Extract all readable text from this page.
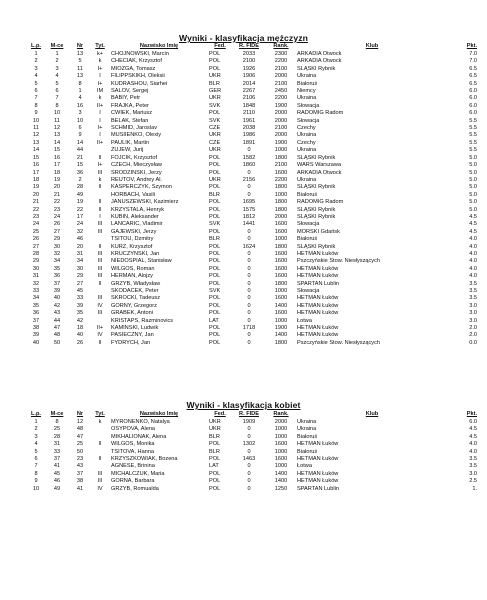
Wyniki - klasyfikacja mężczyzn
L.p.	M-ce	Nr	Tyt.	Nazwisko Imię	Fed.	R. FIDE	Rank.	Klub	Pkt.
1	1	13	k+	CHOJNOWSKI, Marcin	POL	2033	2300	ARKADIA Otwock	7.0
2	2	5	k	CHECIAK, Krzysztof	POL	2100	2200	ARKADIA Otwock	7.0
3	3	11	I+	MIOZGA, Tomasz	POL	1926	2100	ŚLĄSKI Rybnik	6.5
4	4	13	I	FILIPPSKIKH, Oleksii	UKR	1906	2000	Ukraina	6.5
5	5	8	I+	KUDRASHOU, Siarhei	BLR	2014	2100	Białoruś	6.5
6	6	1	IM	SALOV, Sergej	GER	2267	2450	Niemcy	6.0
7	7	4	k	BABIY, Petr	UKR	2106	2200	Ukraina	6.0
8	8	16	II+	FRAJKA, Peter	SVK	1848	1900	Słowacja	6.0
9	10	3	I	CWIEK, Mariusz	POL	2110	2000	RADOMIG Radom	6.0
10	11	10	I	BELAK, Stefan	SVK	1961	2000	Słowacja	5.5
11	12	6	I+	SCHMID, Jaroslav	CZE	2038	2100	Czechy	5.5
12	13	9	I	MUSIIENKO, Olexiy	UKR	1986	2000	Ukraina	5.5
13	14	14	II+	PAULIK, Martin	CZE	1891	1900	Czechy	5.5
14	15	44		ZUJEW, Jurij	UKR	0	1000	Ukraina	5.5
15	16	21	II	FOJCIK, Krzysztof	POL	1582	1800	ŚLĄSKI Rybnik	5.0
16	17	15	I+	CZECH, Mieczysław	POL	1860	2100	WARS Warszawa	5.0
17	18	36	III	SRODZINSKI, Jerzy	POL	0	1600	ARKADIA Otwock	5.0
18	19	2	k	REUTOV, Andrey Al.	UKR	2156	2200	Ukraina	5.0
19	20	28	II	KASPERCZYK, Szymon	POL	0	1800	ŚLĄSKI Rybnik	5.0
20	21	49		HORBACH, Vasili	BLR	0	1000	Białoruś	5.0
21	22	19	II	JANUSZEWSKI, Kazimierz	POL	1695	1800	RADOMIG Radom	5.0
22	23	22	II	KRZYSTALA, Henryk	POL	1575	1800	ŚLĄSKI Rybnik	5.0
23	24	17	I	KUBIN, Aleksander	POL	1812	2000	ŚLĄSKI Rybnik	4.5
24	26	24	III	LANCARIC, Vladimir	SVK	1441	1600	Słowacja	4.5
25	27	32	III	GAJEWSKI, Jerzy	POL	0	1600	MORSKI Gdańsk	4.5
26	29	46		TSITOU, Dzmitry	BLR	0	1000	Białoruś	4.0
27	30	20	II	KURZ, Krzysztof	POL	1624	1800	ŚLĄSKI Rybnik	4.0
28	32	31	III	KRUCZYNSKI, Jan	POL	0	1600	HETMAN Łuków	4.0
29	34	34	III	NIEDOSPIAL, Stanisław	POL	0	1600	Pszczyńskie Stow. Niesłyszących	4.0
30	35	30	III	WILGOS, Roman	POL	0	1600	HETMAN Łuków	4.0
31	36	29	III	HERMAN, Alojzy	POL	0	1600	HETMAN Łuków	4.0
32	37	27	II	GRZYB, Władysław	POL	0	1800	SPARTAN Lublin	3.5
33	39	45		SKODACEK, Peter	SVK	0	1000	Słowacja	3.5
34	40	33	III	SKROCKI, Tadeusz	POL	0	1600	HETMAN Łuków	3.5
35	42	39	IV	GORNY, Grzegorz	POL	0	1400	HETMAN Łuków	3.0
36	43	35	III	GRABEK, Antoni	POL	0	1600	HETMAN Łuków	3.0
37	44	42		KRISTAPS, Razminovics	LAT	0	1000	Łotwa	3.0
38	47	18	II+	KAMINSKI, Ludwik	POL	1718	1900	HETMAN Łuków	2.0
39	48	40	IV	PASIECZNY, Jan	POL	0	1400	HETMAN Łuków	2.0
40	50	26	II	FYDRYCH, Jan	POL	0	1800	Pszczyńskie Stow. Niesłyszących	0.0
Wyniki - klasyfikacja kobiet
L.p.	M-ce	Nr	Tyt.	Nazwisko Imię	Fed.	R. FIDE	Rank.	Klub	Pkt.
1	8	12	k	MYRONENKO, Natalya	UKR	1909	2000	Ukraina	6.0
2	25	48		OSYPOVA, Alena	UKR	0	1000	Ukraina	4.5
3	28	47		MIKHALIONAK, Alena	BLR	0	1000	Białoruś	4.5
4	31	25	II	WILGOS, Monika	POL	1302	1600	HETMAN Łuków	4.0
5	33	50		TSITOVA, Hanna	BLR	0	1000	Białoruś	4.0
6	37	23	II	KRZYSZKOWIAK, Bozena	POL	1463	1600	HETMAN Łuków	3.5
7	41	43		AGNESE, Brinina	LAT	0	1000	Łotwa	3.5
8	45	37	III	MICHALCZUK, Maria	POL	0	1400	HETMAN Łuków	3.0
9	46	38	III	GORNA, Barbara	POL	0	1400	HETMAN Łuków	2.5
10	49	41	IV	GRZYB, Romualda	POL	0	1250	SPARTAN Lublin	1.
